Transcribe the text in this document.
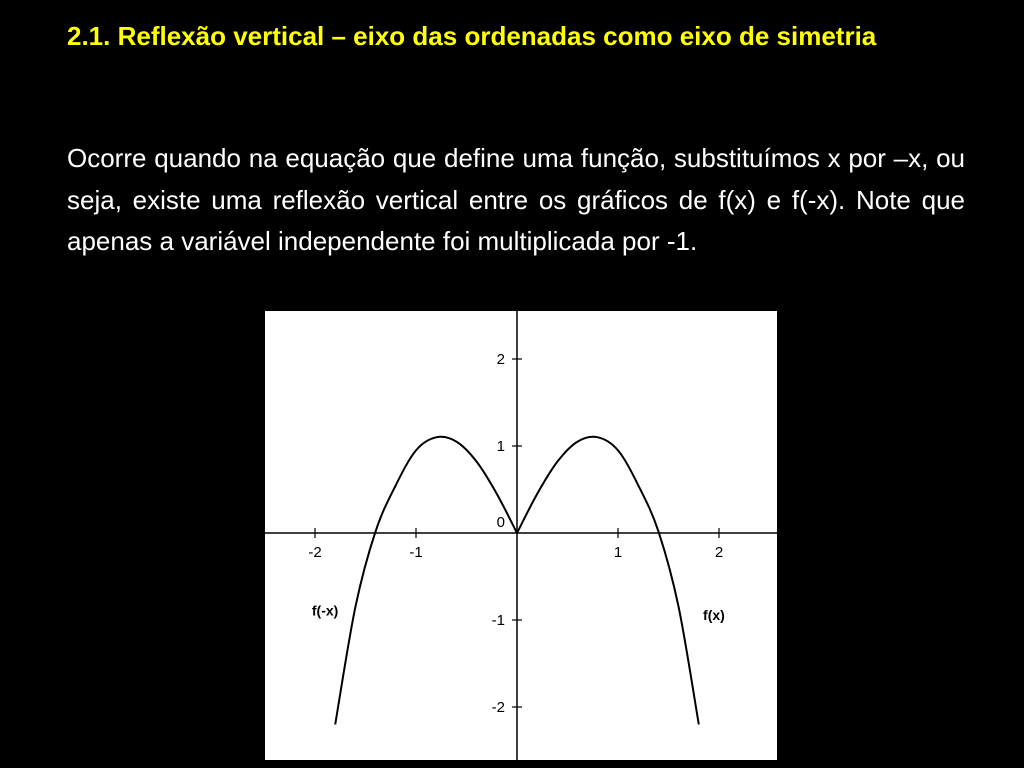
2.1. Reflexão vertical – eixo das ordenadas como eixo de simetria

Ocorre quando na equação que define uma função, substituímos x por –x, ou seja, existe uma reflexão vertical entre os gráficos de f(x) e f(-x). Note que apenas a variável independente foi multiplicada por -1.

-2	-1	1	2
2
1
0
-1
-2
f(x)
f(-x)
